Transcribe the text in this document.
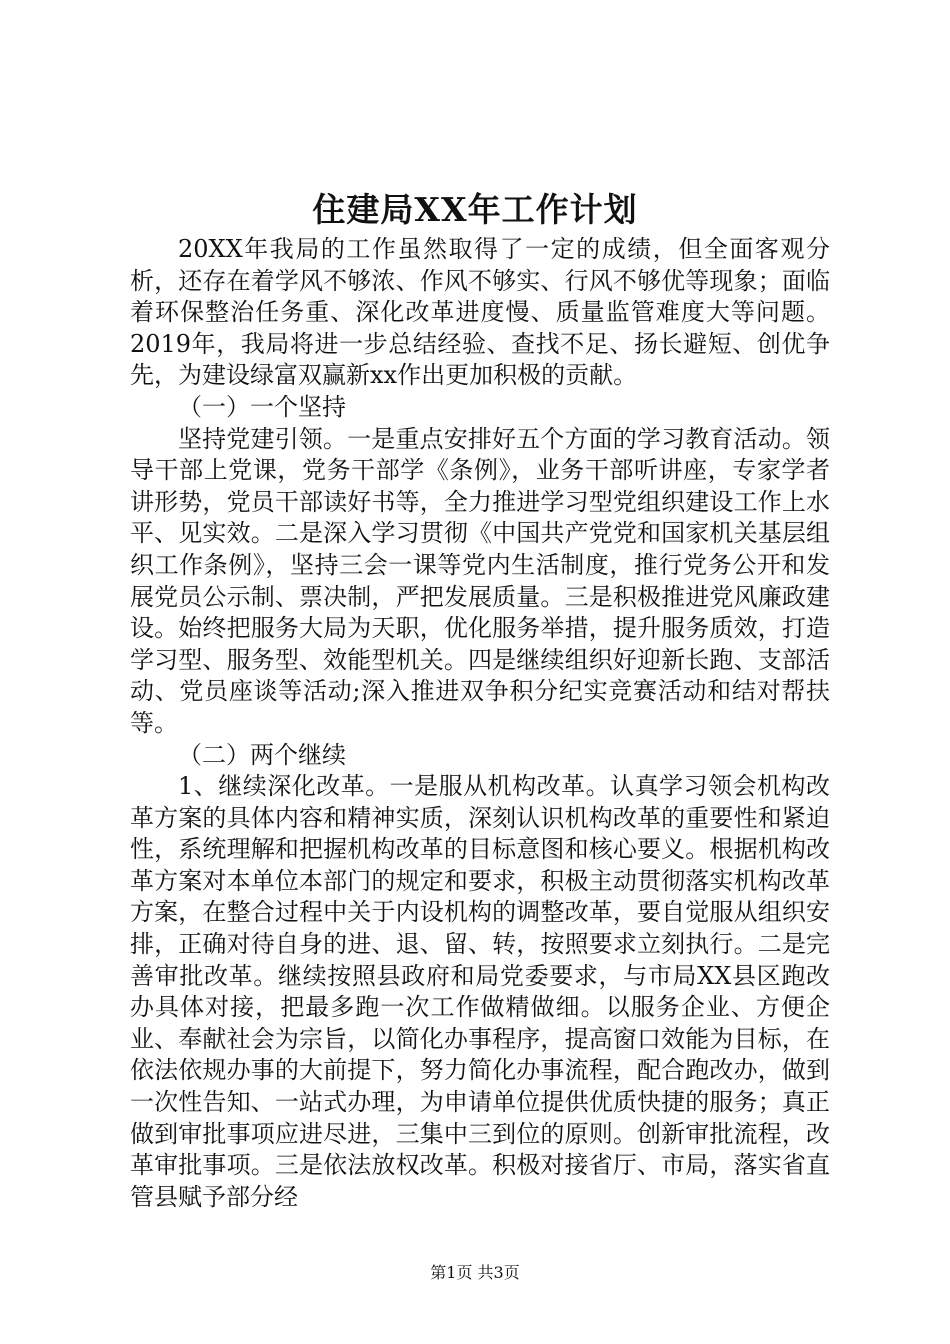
住建局XX年工作计划

20XX年我局的工作虽然取得了一定的成绩，但全面客观分析，还存在着学风不够浓、作风不够实、行风不够优等现象；面临着环保整治任务重、深化改革进度慢、质量监管难度大等问题。2019年，我局将进一步总结经验、查找不足、扬长避短、创优争先，为建设绿富双赢新xx作出更加积极的贡献。

（一）一个坚持

坚持党建引领。一是重点安排好五个方面的学习教育活动。领导干部上党课，党务干部学《条例》，业务干部听讲座，专家学者讲形势，党员干部读好书等，全力推进学习型党组织建设工作上水平、见实效。二是深入学习贯彻《中国共产党党和国家机关基层组织工作条例》，坚持三会一课等党内生活制度，推行党务公开和发展党员公示制、票决制，严把发展质量。三是积极推进党风廉政建设。始终把服务大局为天职，优化服务举措，提升服务质效，打造学习型、服务型、效能型机关。四是继续组织好迎新长跑、支部活动、党员座谈等活动;深入推进双争积分纪实竞赛活动和结对帮扶等。

（二）两个继续

1、继续深化改革。一是服从机构改革。认真学习领会机构改革方案的具体内容和精神实质，深刻认识机构改革的重要性和紧迫性，系统理解和把握机构改革的目标意图和核心要义。根据机构改革方案对本单位本部门的规定和要求，积极主动贯彻落实机构改革方案，在整合过程中关于内设机构的调整改革，要自觉服从组织安排，正确对待自身的进、退、留、转，按照要求立刻执行。二是完善审批改革。继续按照县政府和局党委要求，与市局XX县区跑改办具体对接，把最多跑一次工作做精做细。以服务企业、方便企业、奉献社会为宗旨，以简化办事程序，提高窗口效能为目标，在依法依规办事的大前提下，努力简化办事流程，配合跑改办，做到一次性告知、一站式办理，为申请单位提供优质快捷的服务；真正做到审批事项应进尽进，三集中三到位的原则。创新审批流程，改革审批事项。三是依法放权改革。积极对接省厅、市局，落实省直管县赋予部分经

第1页 共3页
